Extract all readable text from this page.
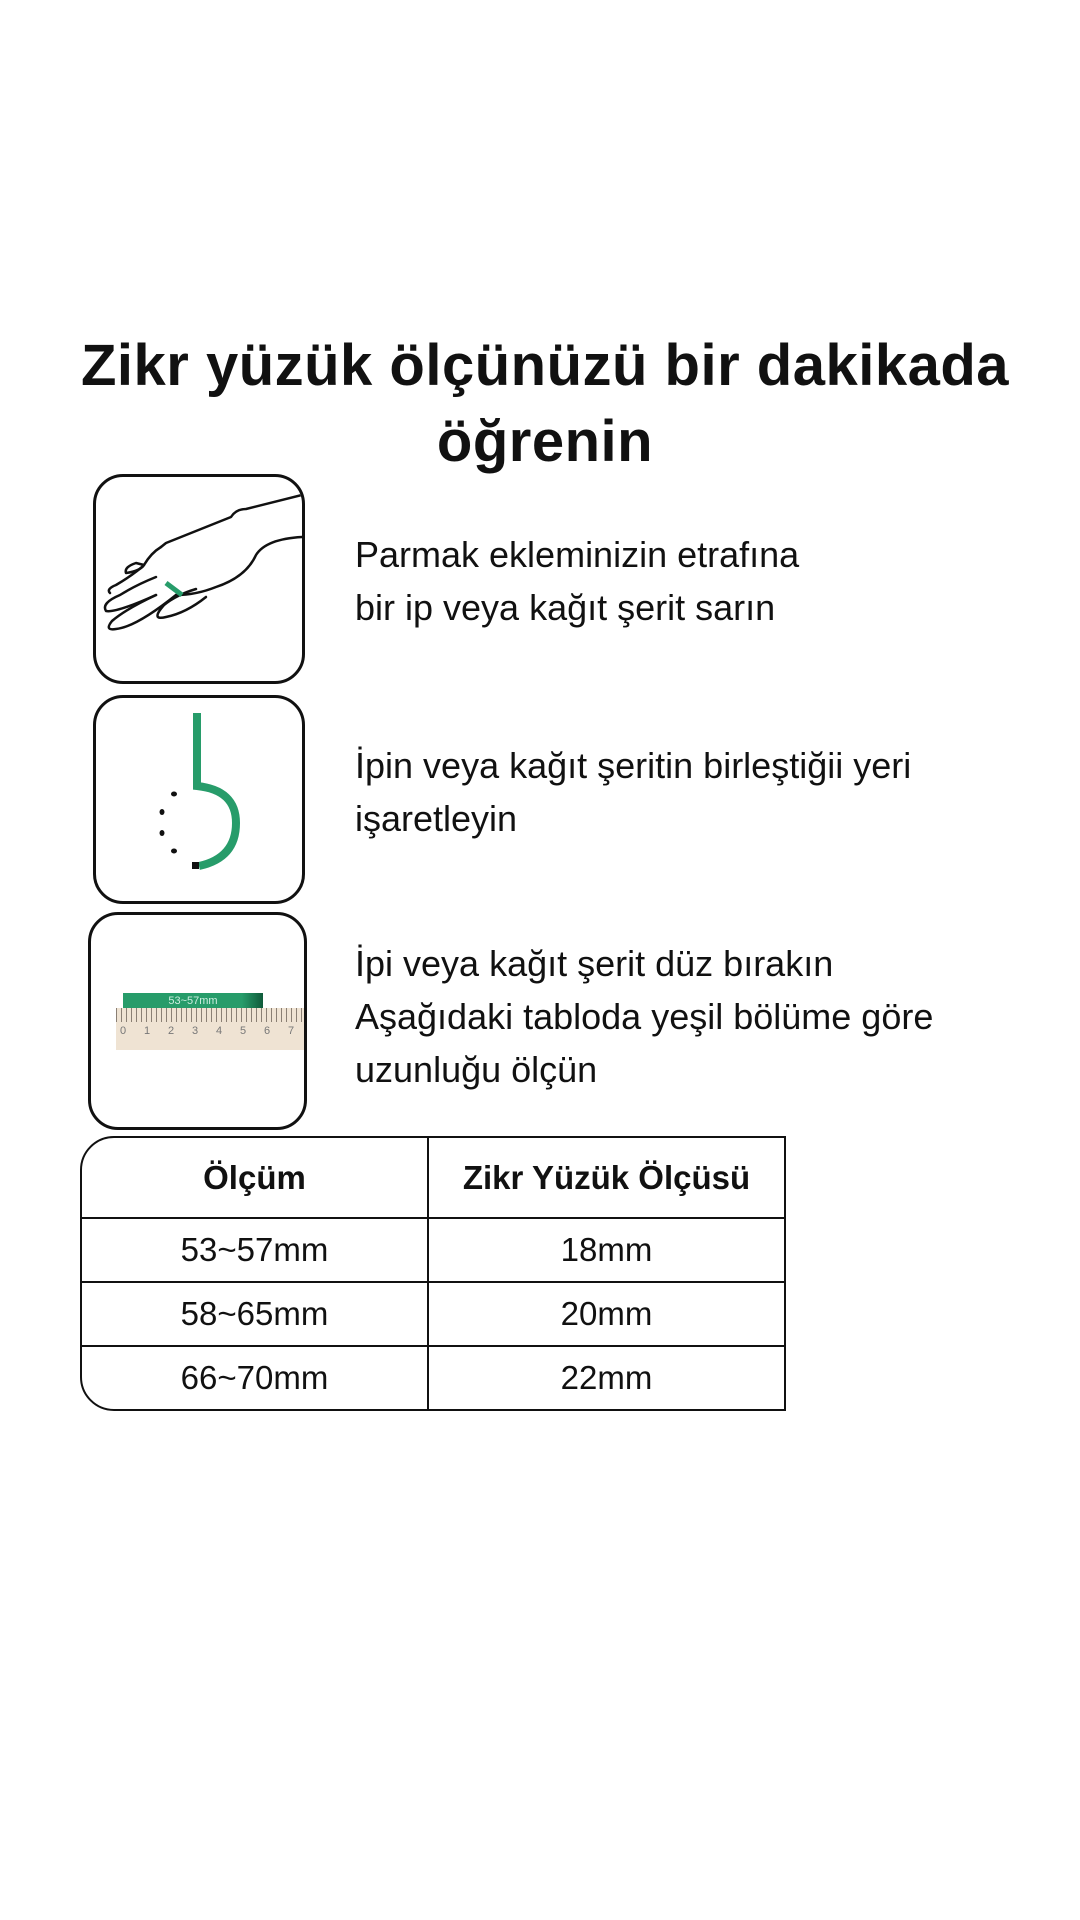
Zikr yüzük ölçünüzü bir dakikada
öğrenin
Parmak ekleminizin etrafına
bir ip veya kağıt şerit sarın
İpin veya kağıt şeritin birleştiğii yeri
işaretleyin
53~57mm
0 1 2 3 4 5 6 7
İpi veya kağıt şerit düz bırakın
Aşağıdaki tabloda yeşil bölüme göre
uzunluğu ölçün
Ölçüm	Zikr Yüzük Ölçüsü
53~57mm	18mm
58~65mm	20mm
66~70mm	22mm
